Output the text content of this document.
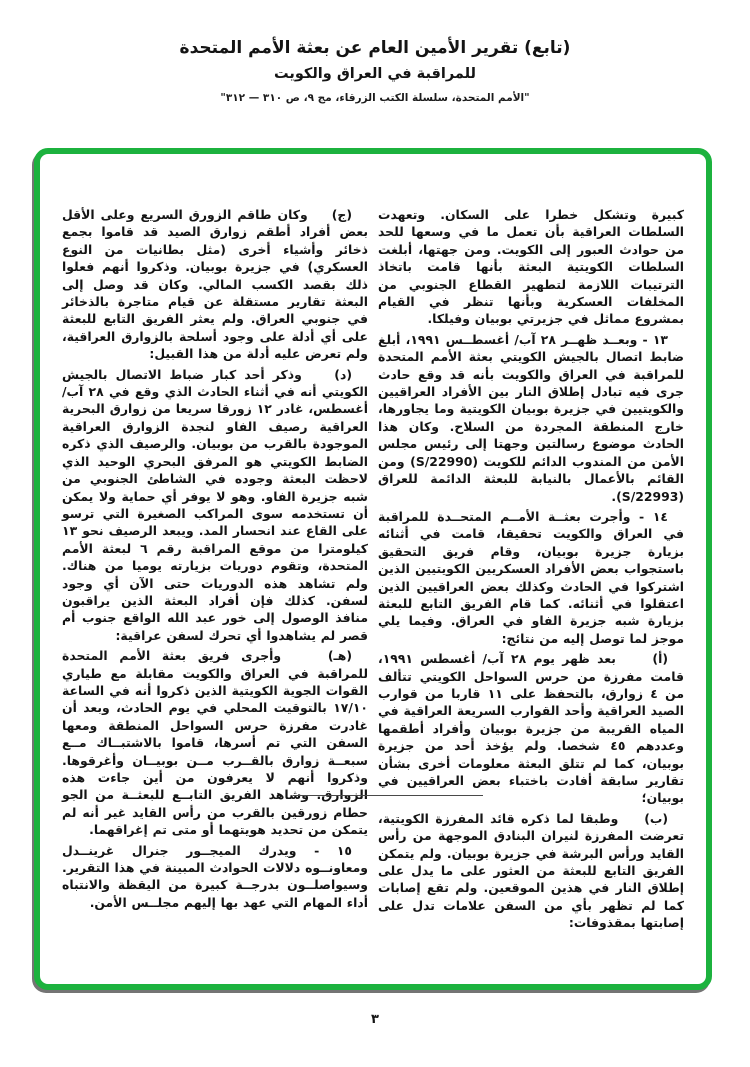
(تابع) تقرير الأمين العام عن بعثة الأمم المتحدة
للمراقبة في العراق والكويت
"الأمم المتحدة، سلسلة الكتب الزرقاء، مج ٩، ص ٣١٠ — ٣١٢"

كبيرة وتشكل خطرا على السكان. وتعهدت السلطات العراقية بأن تعمل ما في وسعها للحد من حوادث العبور إلى الكويت. ومن جهتها، أبلغت السلطات الكويتية البعثة بأنها قامت باتخاذ الترتيبات اللازمة لتطهير القطاع الجنوبي من المخلفات العسكرية وبأنها تنظر في القيام بمشروع مماثل في جزيرتي بوبيان وفيلكا.

١٣ - وبعــد ظهــر ٢٨ آب/ أغسطــس ١٩٩١، أبلغ ضابط اتصال بالجيش الكويتي بعثة الأمم المتحدة للمراقبة في العراق والكويت بأنه قد وقع حادث جرى فيه تبادل إطلاق النار بين الأفراد العراقيين والكويتيين في جزيرة بوبيان الكويتية وما يجاورها، خارج المنطقة المجردة من السلاح. وكان هذا الحادث موضوع رسالتين وجهتا إلى رئيس مجلس الأمن من المندوب الدائم للكويت (S/22990) ومن القائم بالأعمال بالنيابة للبعثة الدائمة للعراق (S/22993).

١٤ - وأجرت بعثــة الأمــم المتحــدة للمراقبة في العراق والكويت تحقيقا، قامت في أثنائه بزيارة جزيرة بوبيان، وقام فريق التحقيق باستجواب بعض الأفراد العسكريين الكويتيين الذين اشتركوا في الحادث وكذلك بعض العراقيين الذين اعتقلوا في أثنائه. كما قام الفريق التابع للبعثة بزيارة شبه جزيرة الفاو في العراق. وفيما يلي موجز لما توصل إليه من نتائج:

(أ)     بعد ظهر يوم ٢٨ آب/ أغسطس ١٩٩١، قامت مفرزة من حرس السواحل الكويتي تتألف من ٤ زوارق، بالتحفظ على ١١ قاربا من قوارب الصيد العراقية وأحد القوارب السريعة العراقية في المياه القريبة من جزيرة بوبيان وأفراد أطقمها وعددهم ٤٥ شخصا. ولم يؤخذ أحد من جزيرة بوبيان، كما لم تتلق البعثة معلومات أخرى بشأن تقارير سابقة أفادت باختباء بعض العراقيين في بوبيان؛

(ب)    وطبقا لما ذكره قائد المفرزة الكويتية، تعرضت المفرزة لنيران البنادق الموجهة من رأس القايد ورأس البرشة في جزيرة بوبيان. ولم يتمكن الفريق التابع للبعثة من العثور على ما يدل على إطلاق النار في هذين الموقعين. ولم تقع إصابات كما لم تظهر بأي من السفن علامات تدل على إصابتها بمقذوفات:

(ج)    وكان طاقم الزورق السريع وعلى الأقل بعض أفراد أطقم زوارق الصيد قد قاموا بجمع ذخائر وأشياء أخرى (مثل بطانيات من النوع العسكري) في جزيرة بوبيان. وذكروا أنهم فعلوا ذلك بقصد الكسب المالي. وكان قد وصل إلى البعثة تقارير مستقلة عن قيام متاجرة بالذخائر في جنوبي العراق. ولم يعثر الفريق التابع للبعثة على أي أدلة على وجود أسلحة بالزوارق العراقية، ولم تعرض عليه أدلة من هذا القبيل:

(د)    وذكر أحد كبار ضباط الاتصال بالجيش الكويتي أنه في أثناء الحادث الذي وقع في ٢٨ آب/ أغسطس، غادر ١٢ زورقا سريعا من زوارق البحرية العراقية رصيف الفاو لنجدة الزوارق العراقية الموجودة بالقرب من بوبيان. والرصيف الذي ذكره الضابط الكويتي هو المرفق البحري الوحيد الذي لاحظت البعثة وجوده في الشاطئ الجنوبي من شبه جزيرة الفاو. وهو لا يوفر أي حماية ولا يمكن أن تستخدمه سوى المراكب الصغيرة التي ترسو على القاع عند انحسار المد. ويبعد الرصيف نحو ١٣ كيلومترا من موقع المراقبة رقم ٦ لبعثة الأمم المتحدة، وتقوم دوريات بزيارته يوميا من هناك. ولم تشاهد هذه الدوريات حتى الآن أي وجود لسفن. كذلك فإن أفراد البعثة الذين يراقبون منافذ الوصول إلى خور عبد الله الواقع جنوب أم قصر لم يشاهدوا أي تحرك لسفن عراقية:

(هـ)    وأجرى فريق بعثة الأمم المتحدة للمراقبة في العراق والكويت مقابلة مع طياري القوات الجوية الكويتية الذين ذكروا أنه في الساعة ١٧/١٠ بالتوقيت المحلي في يوم الحادث، وبعد أن غادرت مفرزة حرس السواحل المنطقة ومعها السفن التي تم أسرها، قاموا بالاشتبــاك مــع سبعــة زوارق بالقــرب مــن بوبيــان وأغرقوها. وذكروا أنهم لا يعرفون من أين جاءت هذه الزوارق. وشاهد الفريق التابــع للبعثــة من الجو حطام زورقين بالقرب من رأس القايد غير أنه لم يتمكن من تحديد هويتهما أو متى تم إغراقهما.

١٥ - ويدرك الميجــور جنرال غرينــدل ومعاونــوه دلالات الحوادث المبينة في هذا التقرير. وسيواصلــون بدرجــة كبيرة من اليقظة والانتباه أداء المهام التي عهد بها إليهم مجلــس الأمن.

٣
